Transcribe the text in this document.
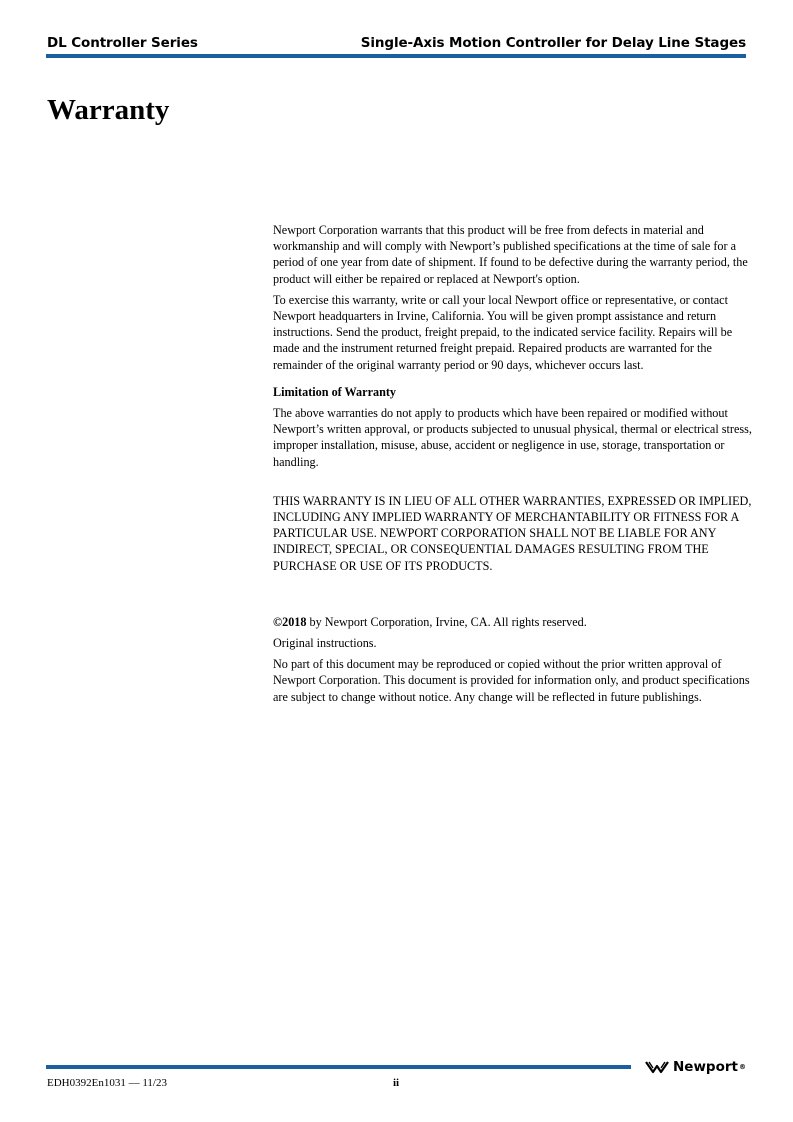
DL Controller Series	Single-Axis Motion Controller for Delay Line Stages
Warranty

Newport Corporation warrants that this product will be free from defects in material and workmanship and will comply with Newport’s published specifications at the time of sale for a period of one year from date of shipment. If found to be defective during the warranty period, the product will either be repaired or replaced at Newport's option.

To exercise this warranty, write or call your local Newport office or representative, or contact Newport headquarters in Irvine, California. You will be given prompt assistance and return instructions. Send the product, freight prepaid, to the indicated service facility. Repairs will be made and the instrument returned freight prepaid. Repaired products are warranted for the remainder of the original warranty period or 90 days, whichever occurs last.

Limitation of Warranty

The above warranties do not apply to products which have been repaired or modified without Newport’s written approval, or products subjected to unusual physical, thermal or electrical stress, improper installation, misuse, abuse, accident or negligence in use, storage, transportation or handling.

THIS WARRANTY IS IN LIEU OF ALL OTHER WARRANTIES, EXPRESSED OR IMPLIED, INCLUDING ANY IMPLIED WARRANTY OF MERCHANTABILITY OR FITNESS FOR A PARTICULAR USE. NEWPORT CORPORATION SHALL NOT BE LIABLE FOR ANY INDIRECT, SPECIAL, OR CONSEQUENTIAL DAMAGES RESULTING FROM THE PURCHASE OR USE OF ITS PRODUCTS.

©2018 by Newport Corporation, Irvine, CA. All rights reserved.

Original instructions.

No part of this document may be reproduced or copied without the prior written approval of Newport Corporation. This document is provided for information only, and product specifications are subject to change without notice. Any change will be reflected in future publishings.

Newport ®
EDH0392En1031 — 11/23	ii
